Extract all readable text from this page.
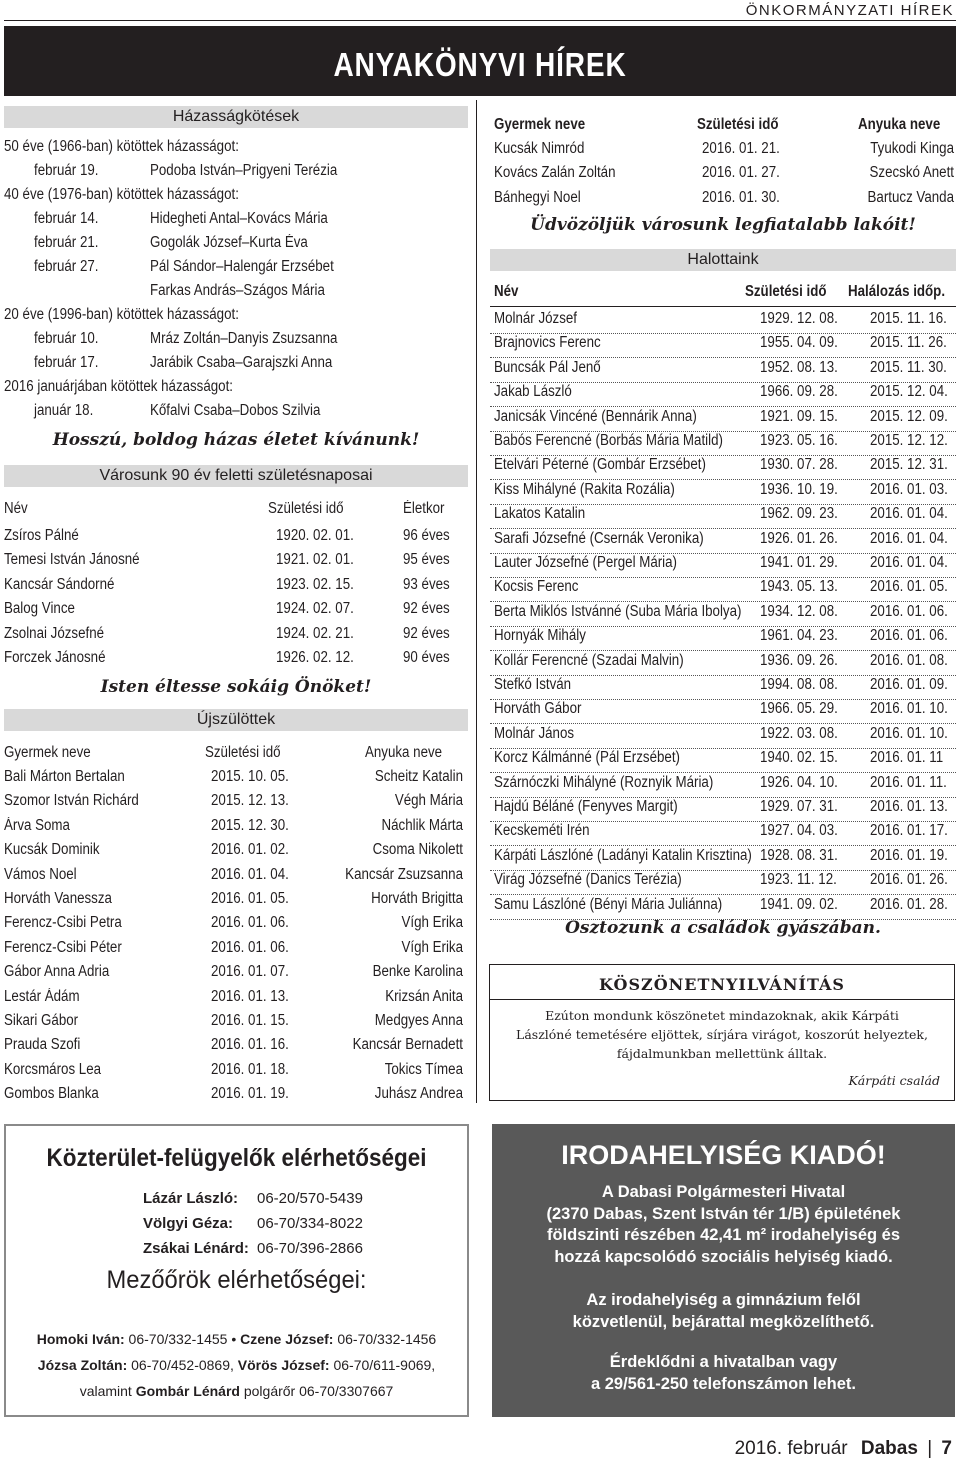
ÖNKORMÁNYZATI HÍREK
ANYAKÖNYVI HÍREK
Házasságkötések
50 éve (1966-ban) kötöttek házasságot:
február 19.	Podoba István–Prigyeni Terézia
40 éve (1976-ban) kötöttek házasságot:
február 14.	Hidegheti Antal–Kovács Mária
február 21.	Gogolák József–Kurta Éva
február 27.	Pál Sándor–Halengár Erzsébet
Farkas András–Szágos Mária
20 éve (1996-ban) kötöttek házasságot:
február 10.	Mráz Zoltán–Danyis Zsuzsanna
február 17.	Jarábik Csaba–Garajszki Anna
2016 januárjában kötöttek házasságot:
január 18.	Kőfalvi Csaba–Dobos Szilvia
Hosszú, boldog házas életet kívánunk!
Városunk 90 év feletti születésnaposai
Név	Születési idő	Életkor
Zsíros Pálné	1920. 02. 01.	96 éves
Temesi István Jánosné	1921. 02. 01.	95 éves
Kancsár Sándorné	1923. 02. 15.	93 éves
Balog Vince	1924. 02. 07.	92 éves
Zsolnai Józsefné	1924. 02. 21.	92 éves
Forczek Jánosné	1926. 02. 12.	90 éves
Isten éltesse sokáig Önöket!
Újszülöttek
Gyermek neve	Születési idő	Anyuka neve
Bali Márton Bertalan	2015. 10. 05.	Scheitz Katalin
Szomor István Richárd	2015. 12. 13.	Végh Mária
Árva Soma	2015. 12. 30.	Náchlik Márta
Kucsák Dominik	2016. 01. 02.	Csoma Nikolett
Vámos Noel	2016. 01. 04.	Kancsár Zsuzsanna
Horváth Vanessza	2016. 01. 05.	Horváth Brigitta
Ferencz-Csibi Petra	2016. 01. 06.	Vígh Erika
Ferencz-Csibi Péter	2016. 01. 06.	Vígh Erika
Gábor Anna Adria	2016. 01. 07.	Benke Karolina
Lestár Ádám	2016. 01. 13.	Krizsán Anita
Sikari Gábor	2016. 01. 15.	Medgyes Anna
Prauda Szofi	2016. 01. 16.	Kancsár Bernadett
Korcsmáros Lea	2016. 01. 18.	Tokics Tímea
Gombos Blanka	2016. 01. 19.	Juhász Andrea
Gyermek neve	Születési idő	Anyuka neve
Kucsák Nimród	2016. 01. 21.	Tyukodi Kinga
Kovács Zalán Zoltán	2016. 01. 27.	Szecskó Anett
Bánhegyi Noel	2016. 01. 30.	Bartucz Vanda
Üdvözöljük városunk legfiatalabb lakóit!
Halottaink
Név	Születési idő Halálozás időp.
Molnár József	1929. 12. 08. 2015. 11. 16.
Brajnovics Ferenc	1955. 04. 09. 2015. 11. 26.
Buncsák Pál Jenő	1952. 08. 13. 2015. 11. 30.
Jakab László	1966. 09. 28. 2015. 12. 04.
Janicsák Vincéné (Bennárik Anna)	1921. 09. 15. 2015. 12. 09.
Babós Ferencné (Borbás Mária Matild) 1923. 05. 16. 2015. 12. 12.
Etelvári Péterné (Gombár Erzsébet)	1930. 07. 28. 2015. 12. 31.
Kiss Mihályné (Rakita Rozália)	1936. 10. 19. 2016. 01. 03.
Lakatos Katalin	1962. 09. 23. 2016. 01. 04.
Sarafi Józsefné (Csernák Veronika)	1926. 01. 26. 2016. 01. 04.
Lauter Józsefné (Pergel Mária)	1941. 01. 29. 2016. 01. 04.
Kocsis Ferenc	1943. 05. 13. 2016. 01. 05.
Berta Miklós Istvánné (Suba Mária Ibolya) 1934. 12. 08. 2016. 01. 06.
Hornyák Mihály	1961. 04. 23. 2016. 01. 06.
Kollár Ferencné (Szadai Malvin)	1936. 09. 26. 2016. 01. 08.
Stefkó István	1994. 08. 08. 2016. 01. 09.
Horváth Gábor	1966. 05. 29. 2016. 01. 10.
Molnár János	1922. 03. 08. 2016. 01. 10.
Korcz Kálmánné (Pál Erzsébet)	1940. 02. 15. 2016. 01. 11
Szárnóczki Mihályné (Roznyik Mária)	1926. 04. 10. 2016. 01. 11.
Hajdú Béláné (Fenyves Margit)	1929. 07. 31. 2016. 01. 13.
Kecskeméti Irén	1927. 04. 03. 2016. 01. 17.
Kárpáti Lászlóné (Ladányi Katalin Krisztina) 1928. 08. 31. 2016. 01. 19.
Virág Józsefné (Danics Terézia)	1923. 11. 12. 2016. 01. 26.
Samu Lászlóné (Bényi Mária Juliánna) 1941. 09. 02. 2016. 01. 28.
Osztozunk a családok gyászában.
KÖSZÖNETNYILVÁNÍTÁS
Ezúton mondunk köszönetet mindazoknak, akik Kárpáti
Lászlóné temetésére eljöttek, sírjára virágot, koszorút helyeztek,
fájdalmunkban mellettünk álltak.
Kárpáti család
Közterület-felügyelők elérhetőségei
Lázár László: 06-20/570-5439
Völgyi Géza: 06-70/334-8022
Zsákai Lénárd: 06-70/396-2866
Mezőőrök elérhetőségei:
Homoki Iván: 06-70/332-1455 • Czene József: 06-70/332-1456
Józsa Zoltán: 06-70/452-0869, Vörös József: 06-70/611-9069,
valamint Gombár Lénárd polgárőr 06-70/3307667
IRODAHELYISÉG KIADÓ!
A Dabasi Polgármesteri Hivatal
(2370 Dabas, Szent István tér 1/B) épületének
földszinti részében 42,41 m² irodahelyiség és
hozzá kapcsolódó szociális helyiség kiadó.
Az irodahelyiség a gimnázium felől
közvetlenül, bejárattal megközelíthető.
Érdeklődni a hivatalban vagy
a 29/561-250 telefonszámon lehet.
2016. február Dabas | 7
